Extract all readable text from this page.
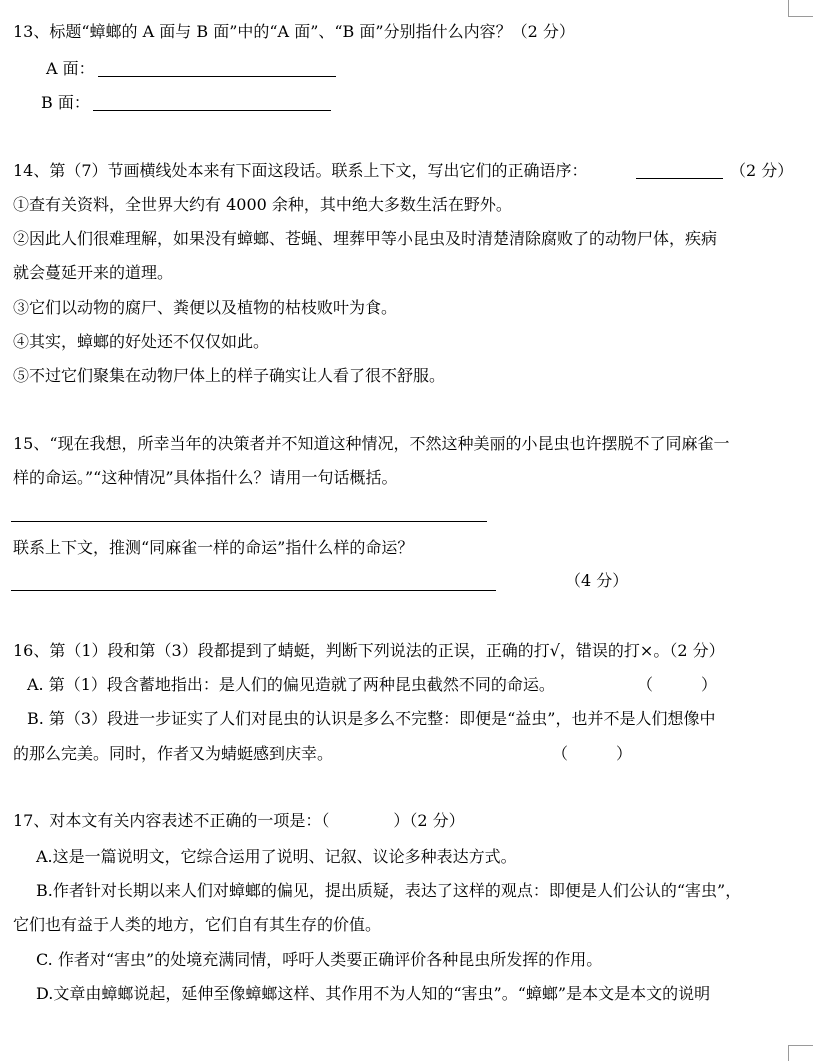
13、标题“蟑螂的 A 面与 B 面”中的“A 面”、“B 面”分别指什么内容？（2 分）
A 面：
B 面：
14、第（7）节画横线处本来有下面这段话。联系上下文，写出它们的正确语序：	（2 分）
①查有关资料，全世界大约有 4000 余种，其中绝大多数生活在野外。
②因此人们很难理解，如果没有蟑螂、苍蝇、埋葬甲等小昆虫及时清楚清除腐败了的动物尸体，疾病
就会蔓延开来的道理。
③它们以动物的腐尸、粪便以及植物的枯枝败叶为食。
④其实，蟑螂的好处还不仅仅如此。
⑤不过它们聚集在动物尸体上的样子确实让人看了很不舒服。
15、“现在我想，所幸当年的决策者并不知道这种情况，不然这种美丽的小昆虫也许摆脱不了同麻雀一
样的命运。”“这种情况”具体指什么？请用一句话概括。
联系上下文，推测“同麻雀一样的命运”指什么样的命运？
（4 分）
16、第（1）段和第（3）段都提到了蜻蜓，判断下列说法的正误，正确的打√，错误的打×。（2 分）
A. 第（1）段含蓄地指出：是人们的偏见造就了两种昆虫截然不同的命运。	（　　　）
B. 第（3）段进一步证实了人们对昆虫的认识是多么不完整：即便是“益虫”，也并不是人们想像中
的那么完美。同时，作者又为蜻蜓感到庆幸。	（　　　）
17、对本文有关内容表述不正确的一项是：（　　　　）（2 分）
A.这是一篇说明文，它综合运用了说明、记叙、议论多种表达方式。
B.作者针对长期以来人们对蟑螂的偏见，提出质疑，表达了这样的观点：即便是人们公认的“害虫”，
它们也有益于人类的地方，它们自有其生存的价值。
C. 作者对“害虫”的处境充满同情，呼吁人类要正确评价各种昆虫所发挥的作用。
D.文章由蟑螂说起，延伸至像蟑螂这样、其作用不为人知的“害虫”。“蟑螂”是本文是本文的说明
